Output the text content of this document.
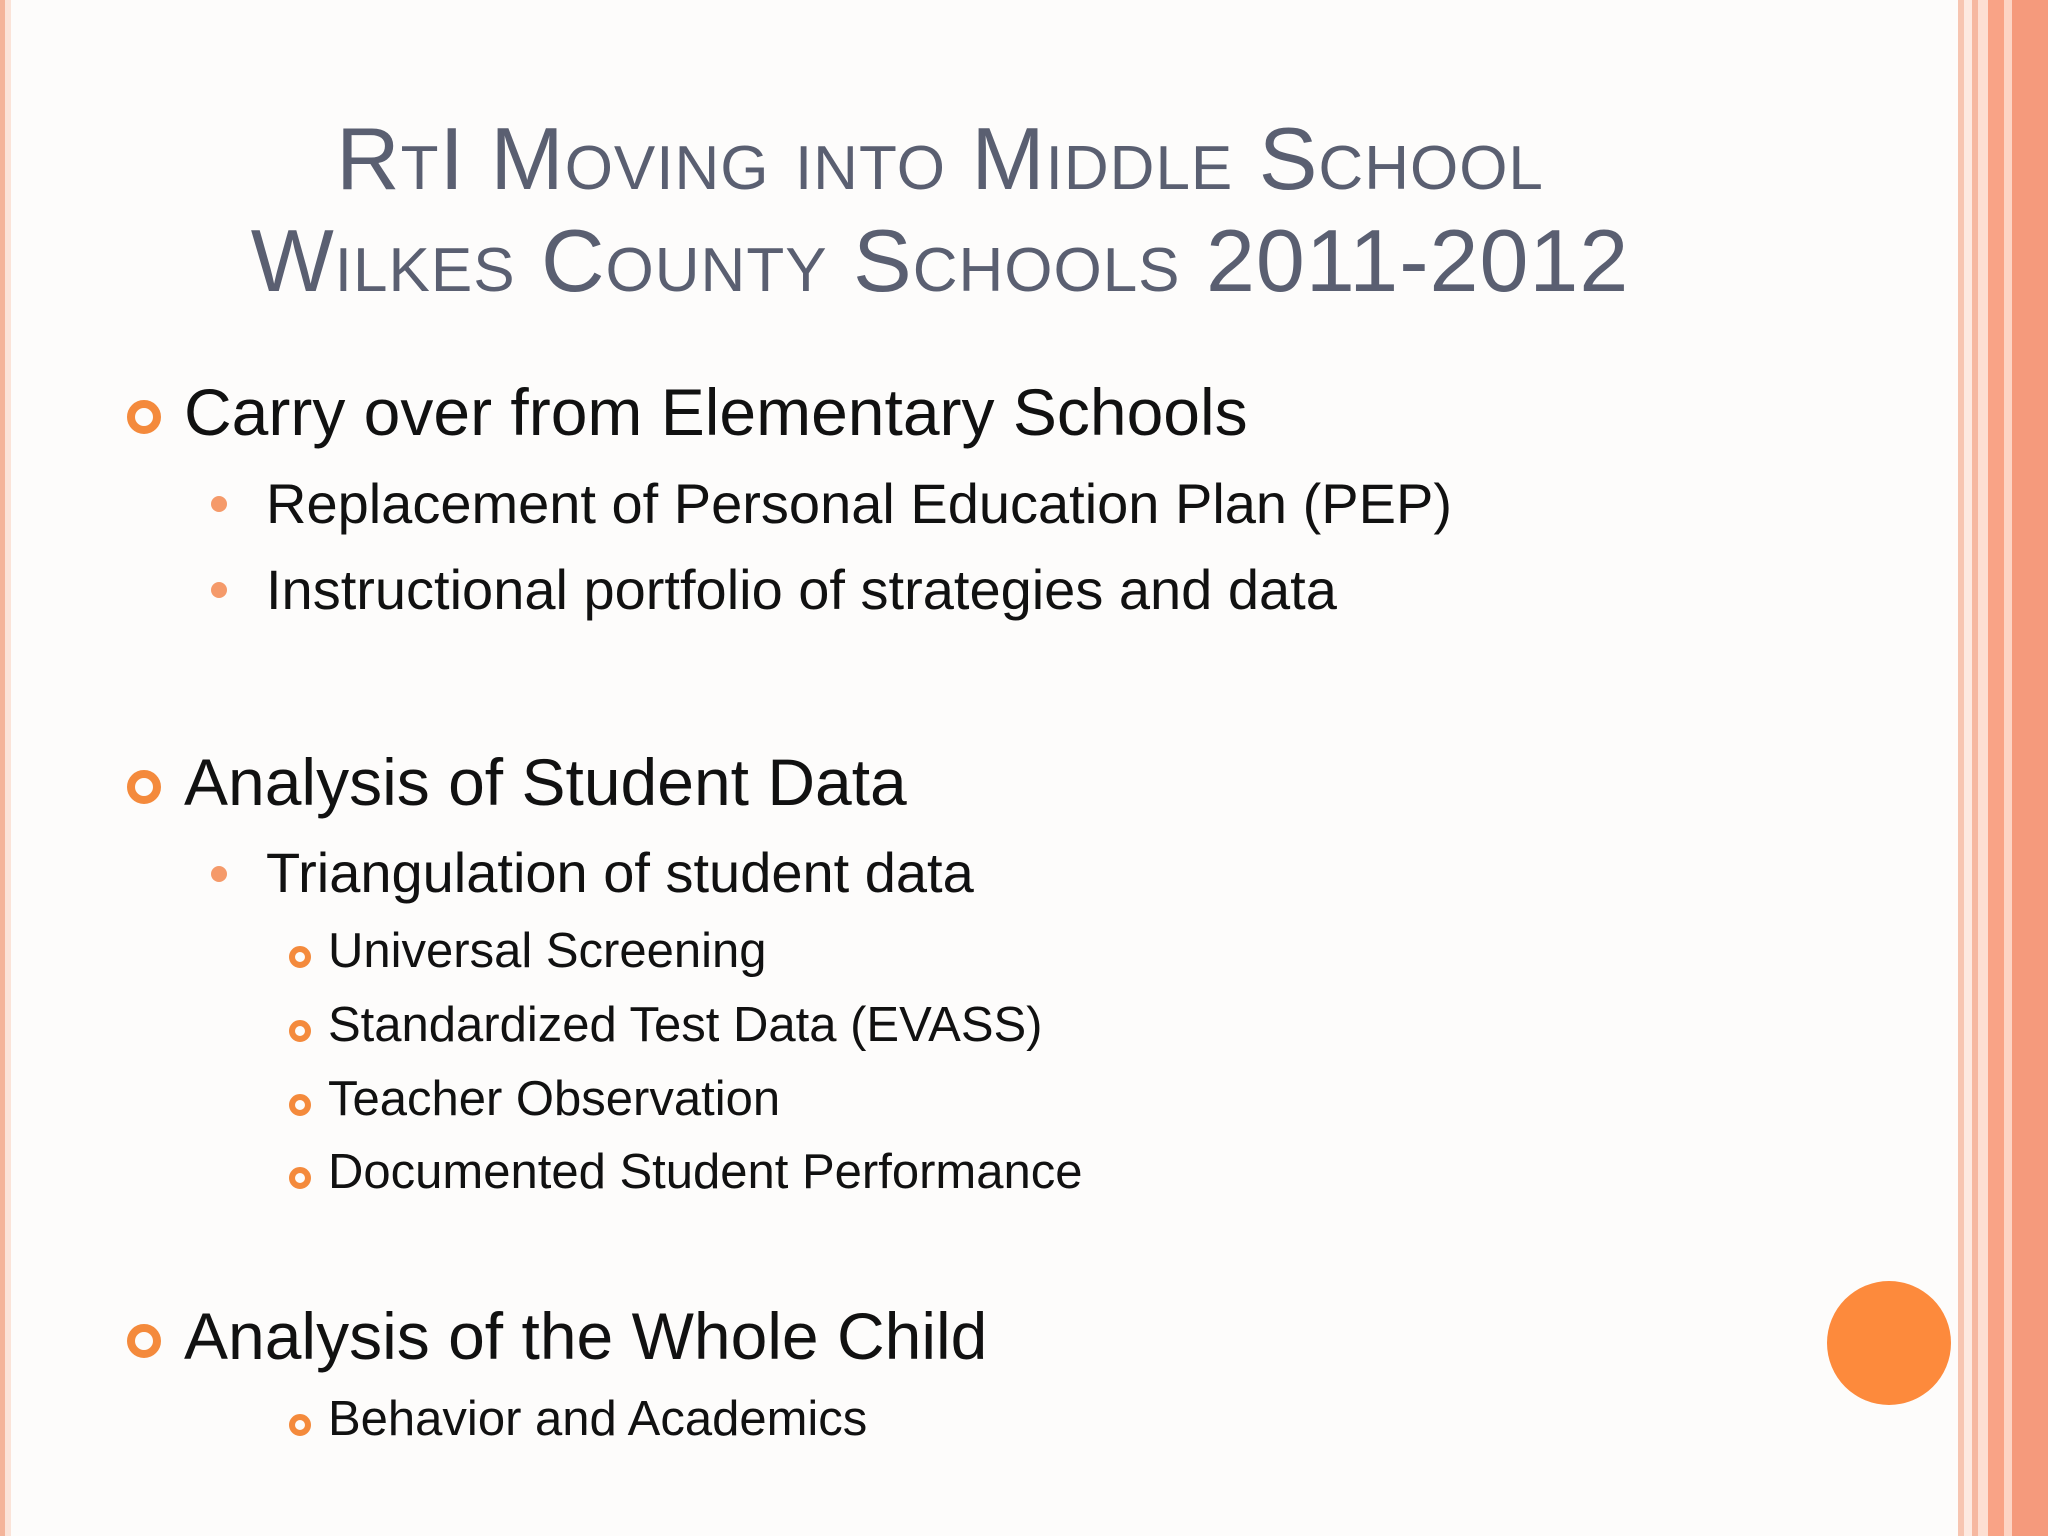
RtI Moving into Middle School
Wilkes County Schools 2011-2012
Carry over from Elementary Schools
Replacement of Personal Education Plan (PEP)
Instructional portfolio of strategies and data
Analysis of Student Data
Triangulation of student data
Universal Screening
Standardized Test Data (EVASS)
Teacher Observation
Documented Student Performance
Analysis of the Whole Child
Behavior and Academics
